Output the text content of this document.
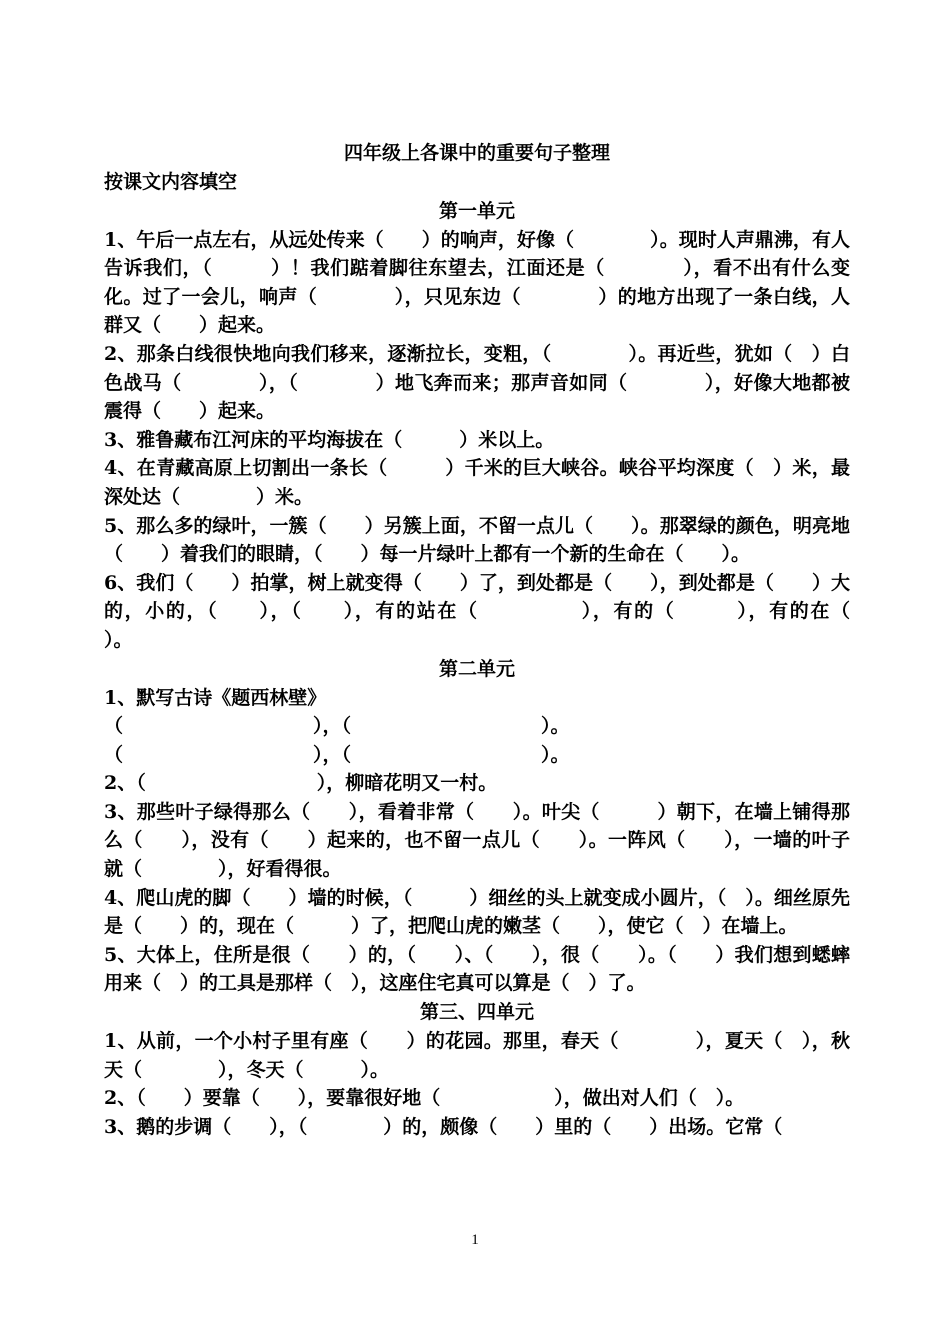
四年级上各课中的重要句子整理

按课文内容填空

第一单元

1、午后一点左右，从远处传来（　　）的响声，好像（　　　　）。现时人声鼎沸，有人告诉我们，（　　　）！我们踮着脚往东望去，江面还是（　　　　），看不出有什么变化。过了一会儿，响声（　　　　），只见东边（　　　　）的地方出现了一条白线，人群又（　　）起来。

2、那条白线很快地向我们移来，逐渐拉长，变粗，（　　　　）。再近些，犹如（　）白色战马（　　　　），（　　　　）地飞奔而来；那声音如同（　　　　），好像大地都被震得（　　）起来。

3、雅鲁藏布江河床的平均海拔在（　　　）米以上。

4、在青藏高原上切割出一条长（　　　）千米的巨大峡谷。峡谷平均深度（　）米，最深处达（　　　　）米。

5、那么多的绿叶，一簇（　　）另簇上面，不留一点儿（　　）。那翠绿的颜色，明亮地（　　）着我们的眼睛，（　　）每一片绿叶上都有一个新的生命在（　　）。

6、我们（　　）拍掌，树上就变得（　　）了，到处都是（　　），到处都是（　　）大的，小的，（　　），（　　），有的站在（　　　　　），有的（　　　），有的在（　　　）。

第二单元

1、默写古诗《题西林壁》

（　　　　　　　　　　），（　　　　　　　　　　）。

（　　　　　　　　　　），（　　　　　　　　　　）。

2、（　　　　　　　　　），柳暗花明又一村。

3、那些叶子绿得那么（　　），看着非常（　　）。叶尖（　　　）朝下，在墙上铺得那么（　　），没有（　　）起来的，也不留一点儿（　　）。一阵风（　　），一墙的叶子就（　　　　），好看得很。

4、爬山虎的脚（　　）墙的时候，（　　　）细丝的头上就变成小圆片，（　）。细丝原先是（　　）的，现在（　　　）了，把爬山虎的嫩茎（　　），使它（　）在墙上。

5、大体上，住所是很（　　）的，（　　）、（　　），很（　　）。（　　）我们想到蟋蟀用来（　）的工具是那样（　），这座住宅真可以算是（　）了。

第三、四单元

1、从前，一个小村子里有座（　　）的花园。那里，春天（　　　　），夏天（　），秋天（　　　　），冬天（　　　）。

2、（　　）要靠（　　），要靠很好地（　　　　　　），做出对人们（　）。

3、鹅的步调（　　），（　　　　）的，颇像（　　）里的（　　）出场。它常（

1
